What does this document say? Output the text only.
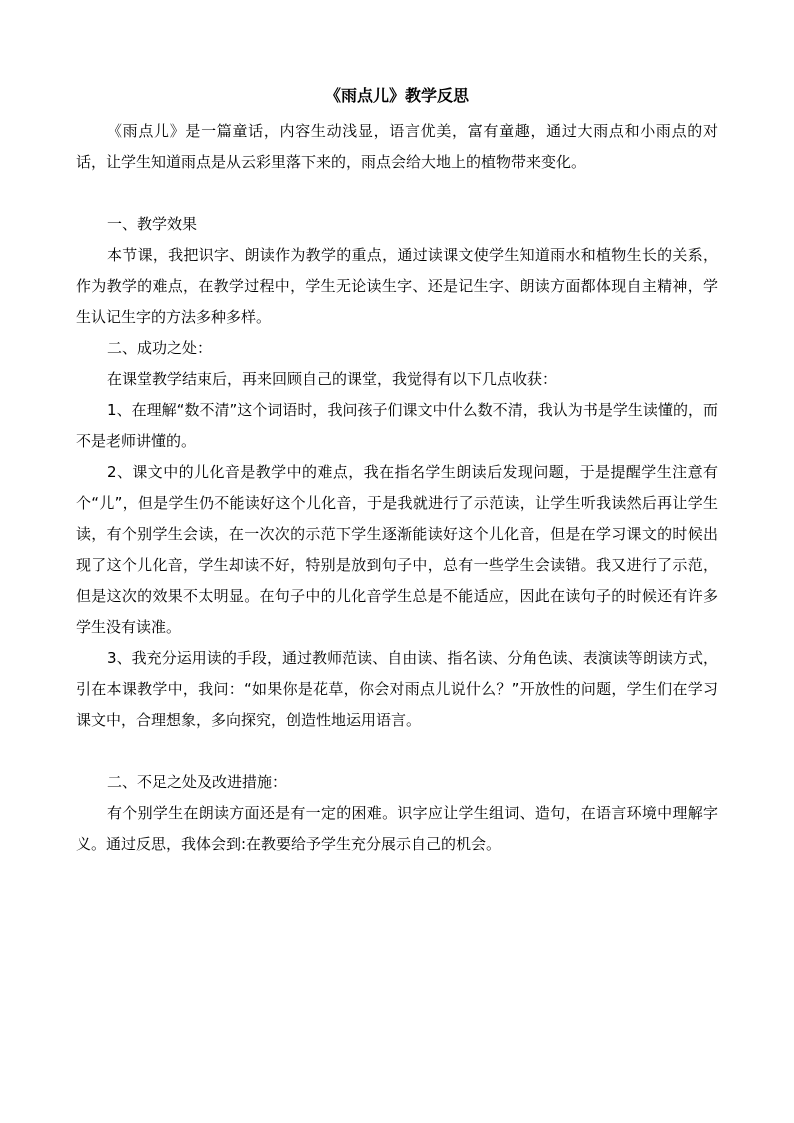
《雨点儿》教学反思

《雨点儿》是一篇童话，内容生动浅显，语言优美，富有童趣，通过大雨点和小雨点的对话，让学生知道雨点是从云彩里落下来的，雨点会给大地上的植物带来变化。

一、教学效果

本节课，我把识字、朗读作为教学的重点，通过读课文使学生知道雨水和植物生长的关系，作为教学的难点，在教学过程中，学生无论读生字、还是记生字、朗读方面都体现自主精神，学生认记生字的方法多种多样。

二、成功之处：

在课堂教学结束后，再来回顾自己的课堂，我觉得有以下几点收获：

1、在理解“数不清”这个词语时，我问孩子们课文中什么数不清，我认为书是学生读懂的，而不是老师讲懂的。

2、课文中的儿化音是教学中的难点，我在指名学生朗读后发现问题，于是提醒学生注意有个“儿”，但是学生仍不能读好这个儿化音，于是我就进行了示范读，让学生听我读然后再让学生读，有个别学生会读，在一次次的示范下学生逐渐能读好这个儿化音，但是在学习课文的时候出现了这个儿化音，学生却读不好，特别是放到句子中，总有一些学生会读错。我又进行了示范，但是这次的效果不太明显。在句子中的儿化音学生总是不能适应，因此在读句子的时候还有许多学生没有读准。

3、我充分运用读的手段，通过教师范读、自由读、指名读、分角色读、表演读等朗读方式，引在本课教学中，我问：“如果你是花草，你会对雨点儿说什么？”开放性的问题，学生们在学习课文中，合理想象，多向探究，创造性地运用语言。

二、不足之处及改进措施：

有个别学生在朗读方面还是有一定的困难。识字应让学生组词、造句，在语言环境中理解字义。通过反思，我体会到:在教要给予学生充分展示自己的机会。
